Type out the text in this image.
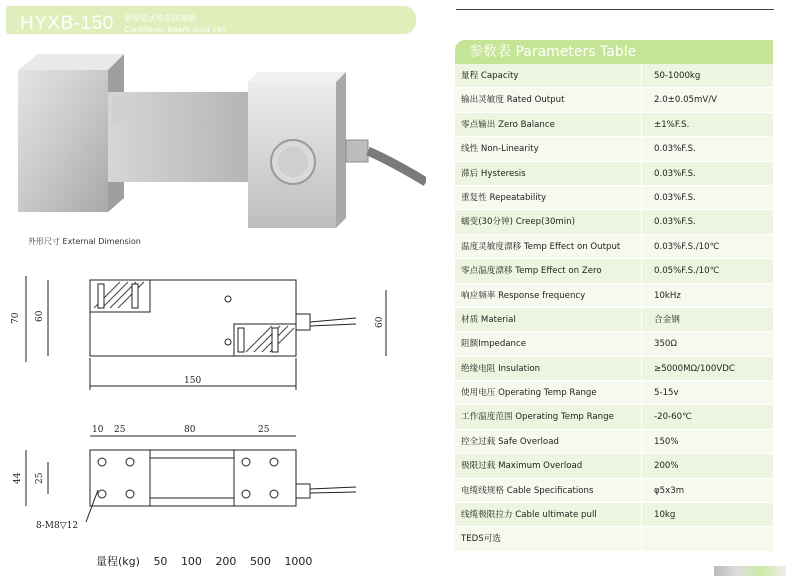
HYXB-150 悬臂梁式称重传感器
Cantilever beam load cell
外形尺寸 External Dimension
70 60
60
150
10 25	80	25
44 25
8-M8▽12
量程(kg) 50 100 200 500 1000
参数表 Parameters Table
量程 Capacity	50-1000kg
输出灵敏度 Rated Output	2.0±0.05mV/V
零点输出 Zero Balance	±1%F.S.
线性 Non-Linearity	0.03%F.S.
滞后 Hysteresis	0.03%F.S.
重复性 Repeatability	0.03%F.S.
蠕变(30分钟) Creep(30min)	0.03%F.S.
温度灵敏度漂移 Temp Effect on Output	0.03%F.S./10℃
零点温度漂移 Temp Effect on Zero	0.05%F.S./10℃
响应频率 Response frequency	10kHz
材质 Material	合金钢
阻额Impedance	350Ω
绝缘电阻 Insulation	≥5000MΩ/100VDC
使用电压 Operating Temp Range	5-15v
工作温度范围 Operating Temp Range	-20-60℃
控全过载 Safe Overload	150%
极限过载 Maximum Overload	200%
电缆线规格 Cable Specifications	φ5x3m
线缆极限拉力 Cable ultimate pull	10kg
TEDS可选
